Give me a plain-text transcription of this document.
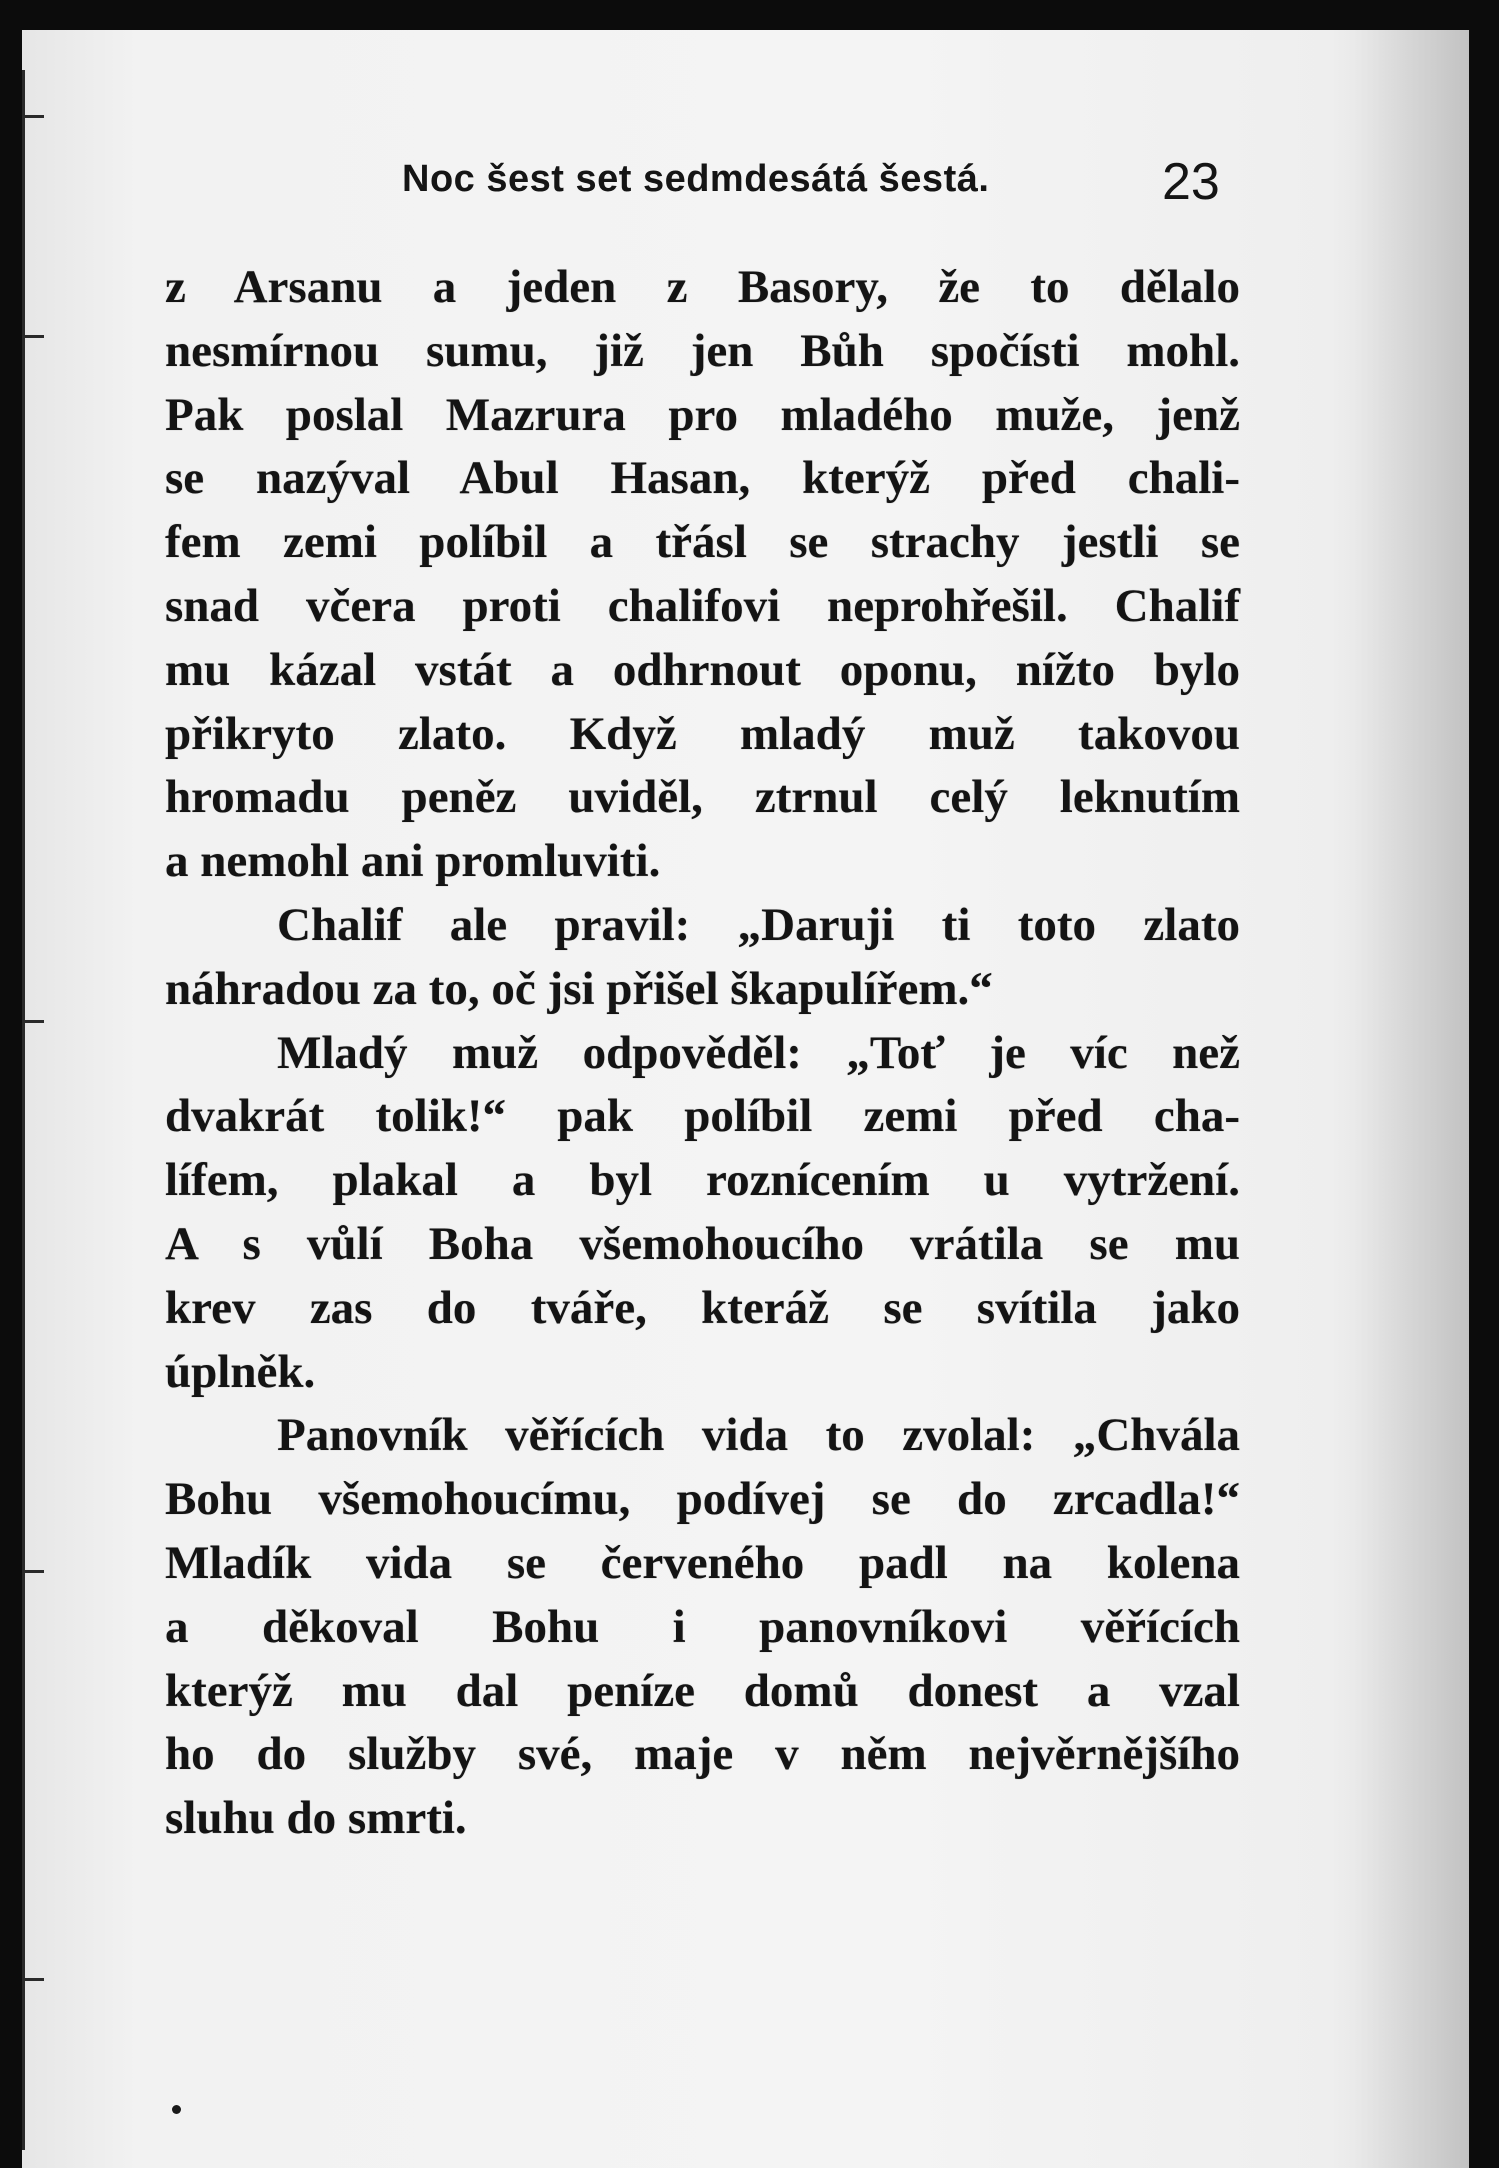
Noc šest set sedmdesátá šestá.	23
z Arsanu a jeden z Basory, že to dělalo
nesmírnou sumu, již jen Bůh spočísti mohl.
Pak poslal Mazrura pro mladého muže, jenž
se nazýval Abul Hasan, kterýž před chali-
fem zemi políbil a třásl se strachy jestli se
snad včera proti chalifovi neprohřešil. Chalif
mu kázal vstát a odhrnout oponu, nížto bylo
přikryto zlato. Když mladý muž takovou
hromadu peněz uviděl, ztrnul celý leknutím
a nemohl ani promluviti.
Chalif ale pravil: „Daruji ti toto zlato
náhradou za to, oč jsi přišel škapulířem.“
Mladý muž odpověděl: „Toť je víc než
dvakrát tolik!“ pak políbil zemi před cha-
lífem, plakal a byl roznícením u vytržení.
A s vůlí Boha všemohoucího vrátila se mu
krev zas do tváře, kteráž se svítila jako
úplněk.
Panovník věřících vida to zvolal: „Chvála
Bohu všemohoucímu, podívej se do zrcadla!“
Mladík vida se červeného padl na kolena
a děkoval Bohu i panovníkovi věřících
kterýž mu dal peníze domů donest a vzal
ho do služby své, maje v něm nejvěrnějšího
sluhu do smrti.
